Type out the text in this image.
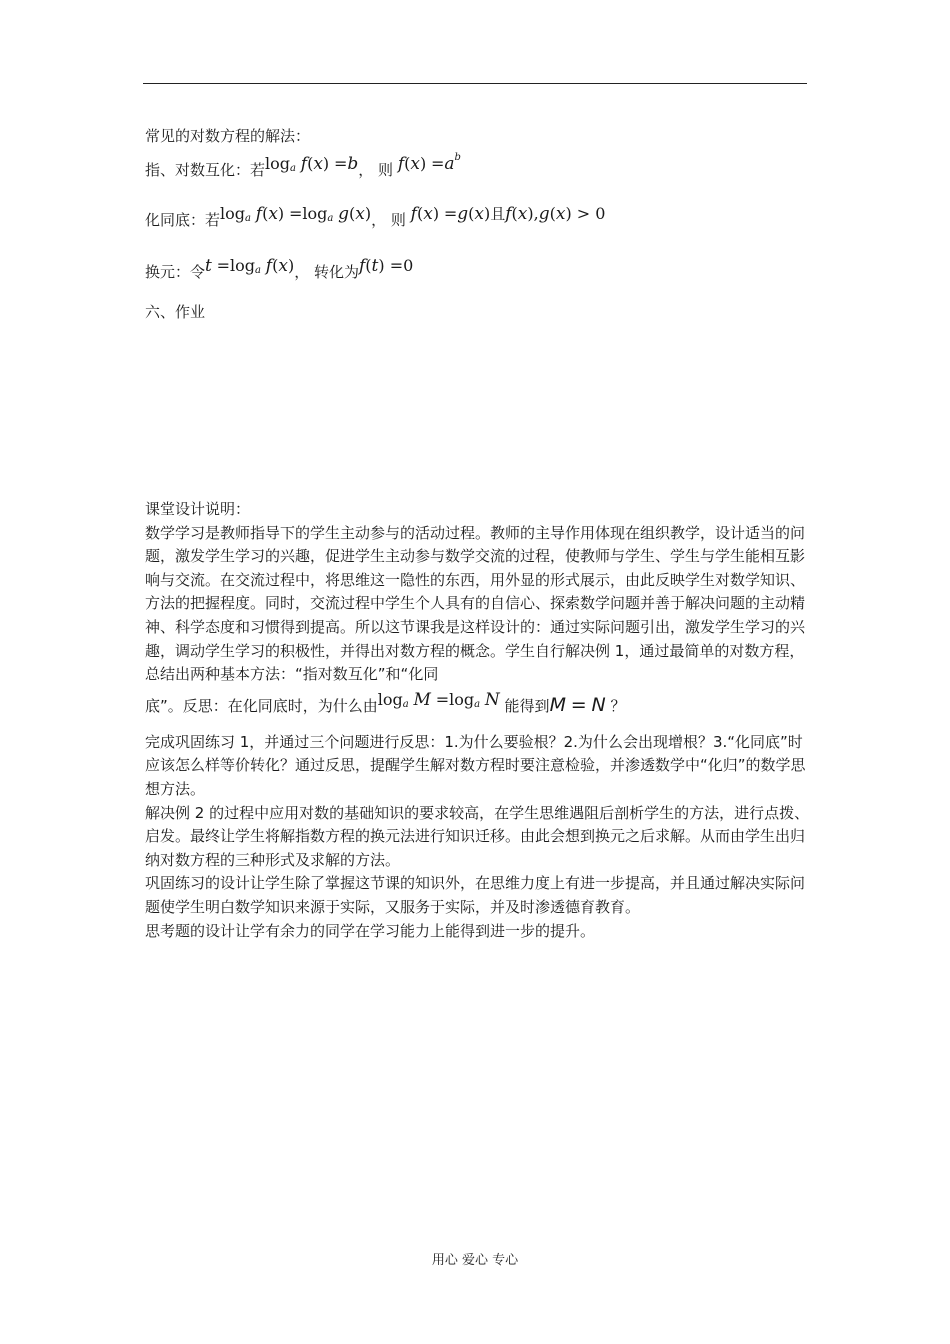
常见的对数方程的解法：
指、对数互化：若loga f(x) =b， 则 $f(x) =a^b$
化同底：若loga f(x) =loga g(x)， 则 f(x) =g(x)且f(x),g(x) > 0
换元：令t =loga f(x)， 转化为f(t) =0
六、作业

课堂设计说明：

数学学习是教师指导下的学生主动参与的活动过程。教师的主导作用体现在组织教学，设计适当的问题，激发学生学习的兴趣，促进学生主动参与数学交流的过程，使教师与学生、学生与学生能相互影响与交流。在交流过程中，将思维这一隐性的东西，用外显的形式展示，由此反映学生对数学知识、方法的把握程度。同时，交流过程中学生个人具有的自信心、探索数学问题并善于解决问题的主动精神、科学态度和习惯得到提高。所以这节课我是这样设计的：通过实际问题引出，激发学生学习的兴趣，调动学生学习的积极性，并得出对数方程的概念。学生自行解决例 1，通过最简单的对数方程，总结出两种基本方法：“指对数互化”和“化同

底”。反思：在化同底时，为什么由loga M =loga N 能得到M = N ？

完成巩固练习 1，并通过三个问题进行反思：1.为什么要验根？2.为什么会出现增根？3.“化同底”时应该怎么样等价转化？通过反思，提醒学生解对数方程时要注意检验，并渗透数学中“化归”的数学思想方法。

解决例 2 的过程中应用对数的基础知识的要求较高，在学生思维遇阻后剖析学生的方法，进行点拨、启发。最终让学生将解指数方程的换元法进行知识迁移。由此会想到换元之后求解。从而由学生出归纳对数方程的三种形式及求解的方法。

巩固练习的设计让学生除了掌握这节课的知识外，在思维力度上有进一步提高，并且通过解决实际问题使学生明白数学知识来源于实际，又服务于实际，并及时渗透德育教育。

思考题的设计让学有余力的同学在学习能力上能得到进一步的提升。

用心 爱心 专心
